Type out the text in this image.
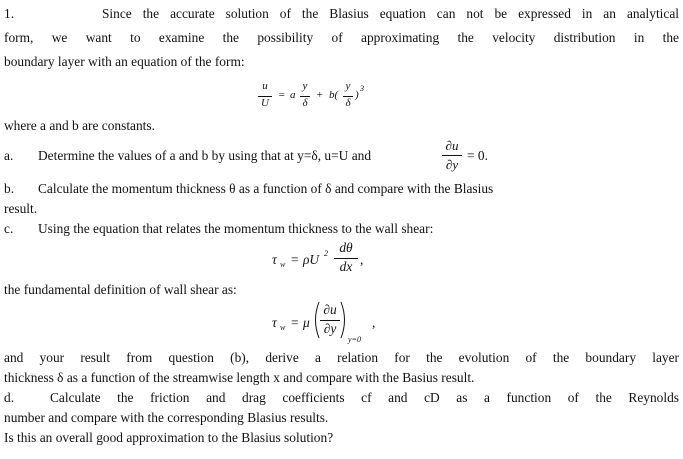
1.        Since the accurate solution of the Blasius equation can not be expressed in an analytical
form, we want to examine the possibility of approximating the velocity distribution in the
boundary layer with an equation of the form:
u
U
= a
y
δ
+ b(
y
δ
)
3
where a and b are constants.
a. Determine the values of a and b by using that at y=δ, u=U and
∂u
∂y
= 0.
b. Calculate the momentum thickness θ as a function of δ and compare with the Blasius
result.
c. Using the equation that relates the momentum thickness to the wall shear:
τ w = ρU 2 dθ
dx ,
the fundamental definition of wall shear as:
τ w = μ
∂u
∂y
y=0
,
and your result from question (b), derive a relation for the evolution of the boundary layer
thickness δ as a function of the streamwise length x and compare with the Basius result.
d.	Calculate the friction and drag coefficients cf and cD as a function of the Reynolds
number and compare with the corresponding Blasius results.
Is this an overall good approximation to the Blasius solution?
